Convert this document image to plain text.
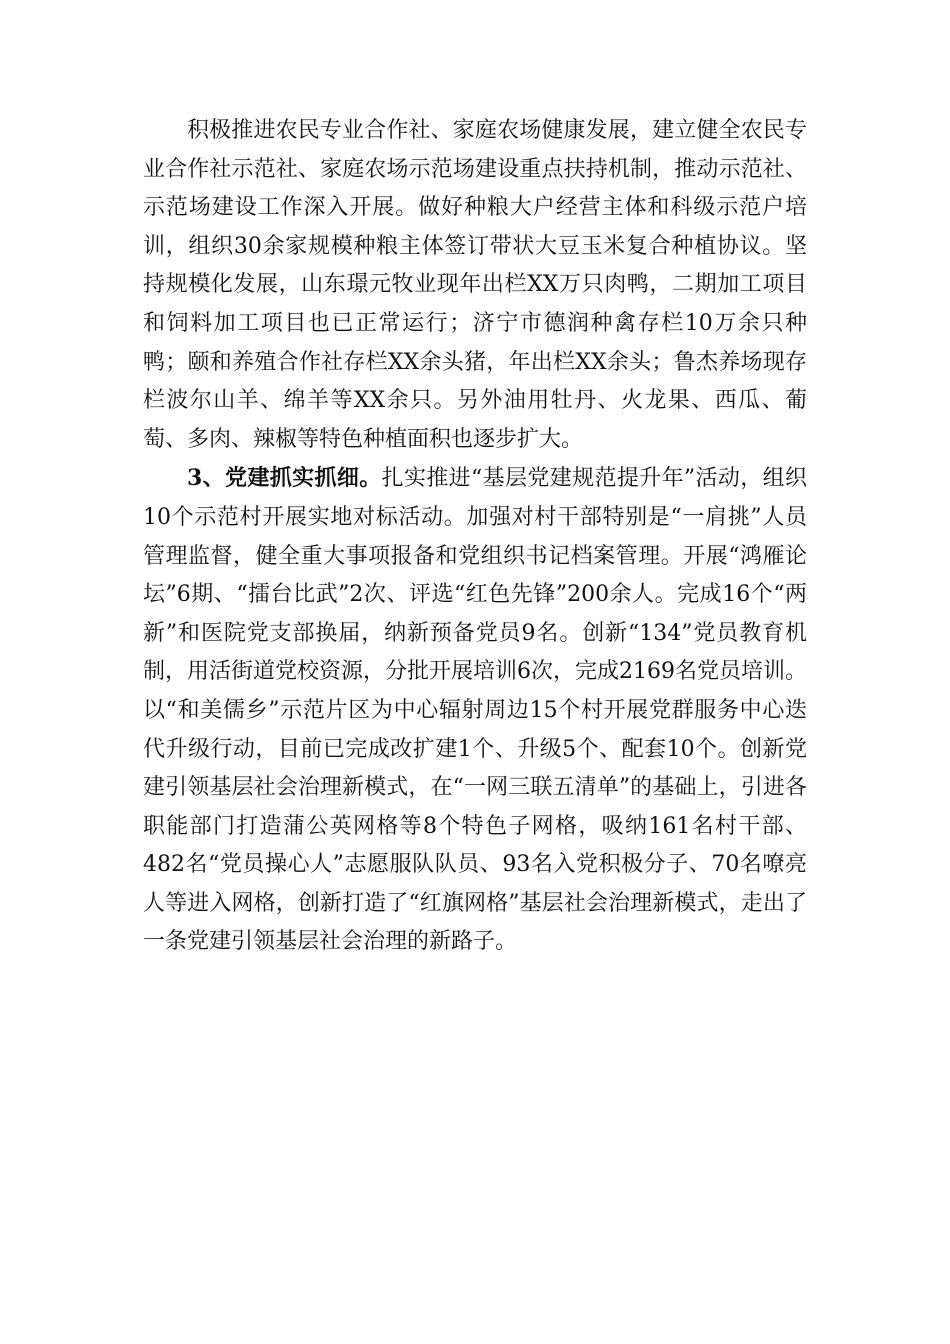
积极推进农民专业合作社、家庭农场健康发展，建立健全农民专业合作社示范社、家庭农场示范场建设重点扶持机制，推动示范社、示范场建设工作深入开展。做好种粮大户经营主体和科级示范户培训，组织30余家规模种粮主体签订带状大豆玉米复合种植协议。坚持规模化发展，山东璟元牧业现年出栏XX万只肉鸭，二期加工项目和饲料加工项目也已正常运行；济宁市德润种禽存栏10万余只种鸭；颐和养殖合作社存栏XX余头猪，年出栏XX余头；鲁杰养场现存栏波尔山羊、绵羊等XX余只。另外油用牡丹、火龙果、西瓜、葡萄、多肉、辣椒等特色种植面积也逐步扩大。

3、党建抓实抓细。扎实推进“基层党建规范提升年”活动，组织10个示范村开展实地对标活动。加强对村干部特别是“一肩挑”人员管理监督，健全重大事项报备和党组织书记档案管理。开展“鸿雁论坛”6期、“擂台比武”2次、评选“红色先锋”200余人。完成16个“两新”和医院党支部换届，纳新预备党员9名。创新“134”党员教育机制，用活街道党校资源，分批开展培训6次，完成2169名党员培训。以“和美儒乡”示范片区为中心辐射周边15个村开展党群服务中心迭代升级行动，目前已完成改扩建1个、升级5个、配套10个。创新党建引领基层社会治理新模式，在“一网三联五清单”的基础上，引进各职能部门打造蒲公英网格等8个特色子网格，吸纳161名村干部、482名“党员操心人”志愿服队队员、93名入党积极分子、70名嘹亮人等进入网格，创新打造了“红旗网格”基层社会治理新模式，走出了一条党建引领基层社会治理的新路子。
